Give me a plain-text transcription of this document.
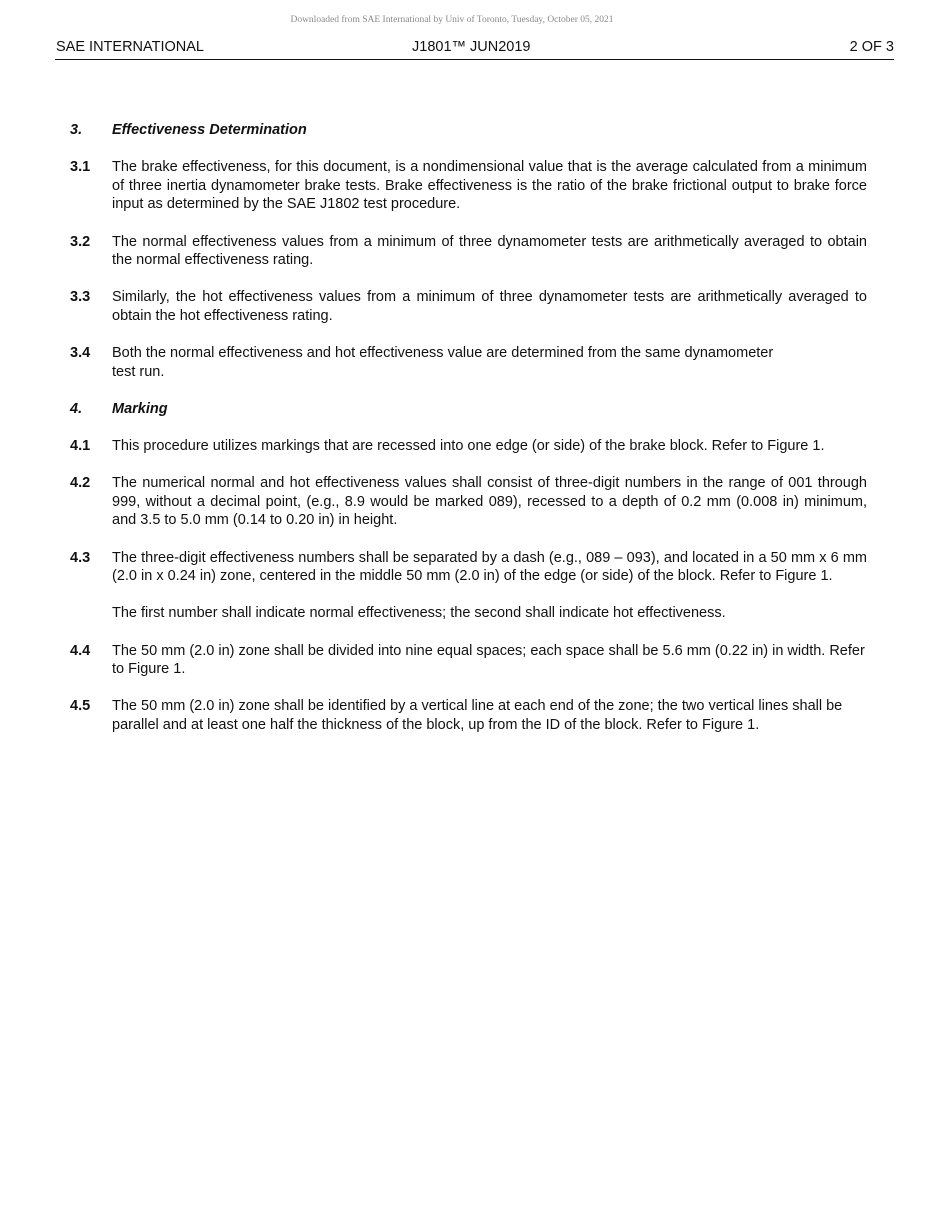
Downloaded from SAE International by Univ of Toronto, Tuesday, October 05, 2021
SAE INTERNATIONAL	J1801™ JUN2019	2 OF 3
3.	Effectiveness Determination
3.1	The brake effectiveness, for this document, is a nondimensional value that is the average calculated from a minimum of three inertia dynamometer brake tests. Brake effectiveness is the ratio of the brake frictional output to brake force input as determined by the SAE J1802 test procedure.
3.2	The normal effectiveness values from a minimum of three dynamometer tests are arithmetically averaged to obtain the normal effectiveness rating.
3.3	Similarly, the hot effectiveness values from a minimum of three dynamometer tests are arithmetically averaged to obtain the hot effectiveness rating.
3.4	Both the normal effectiveness and hot effectiveness value are determined from the same dynamometer
test run.
4.	Marking
4.1	This procedure utilizes markings that are recessed into one edge (or side) of the brake block. Refer to Figure 1.
4.2	The numerical normal and hot effectiveness values shall consist of three-digit numbers in the range of 001 through 999, without a decimal point, (e.g., 8.9 would be marked 089), recessed to a depth of 0.2 mm (0.008 in) minimum, and 3.5 to 5.0 mm (0.14 to 0.20 in) in height.
4.3	The three-digit effectiveness numbers shall be separated by a dash (e.g., 089 – 093), and located in a 50 mm x 6 mm (2.0 in x 0.24 in) zone, centered in the middle 50 mm (2.0 in) of the edge (or side) of the block. Refer to Figure 1.
The first number shall indicate normal effectiveness; the second shall indicate hot effectiveness.
4.4	The 50 mm (2.0 in) zone shall be divided into nine equal spaces; each space shall be 5.6 mm (0.22 in) in width. Refer to Figure 1.
4.5	The 50 mm (2.0 in) zone shall be identified by a vertical line at each end of the zone; the two vertical lines shall be parallel and at least one half the thickness of the block, up from the ID of the block. Refer to Figure 1.
